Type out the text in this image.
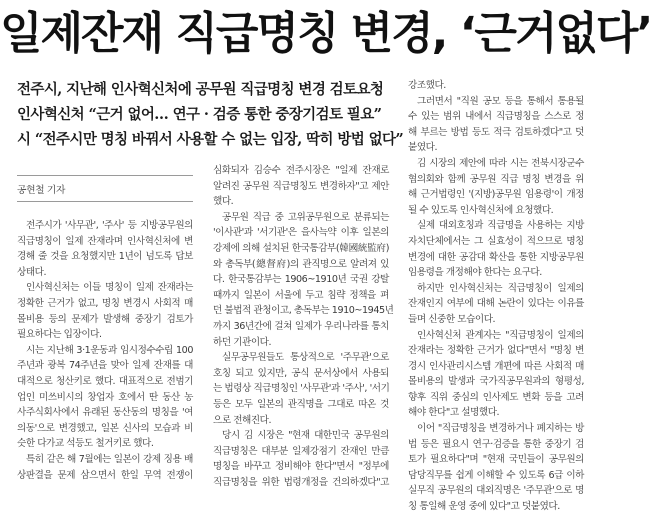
일제잔재 직급명칭 변경, ‘근거없다’
전주시, 지난해 인사혁신처에 공무원 직급명칭 변경 검토요청
인사혁신처 “근거 없어… 연구 · 검증 통한 중장기검토 필요”
시 “전주시만 명칭 바꿔서 사용할 수 없는 입장, 딱히 방법 없다”
공현철 기자
전주시가 '사무관', '주사' 등 지방공무원의
직급명칭이 일제 잔재라며 인사혁신처에 변
경해 줄 것을 요청했지만 1년이 넘도록 답보
상태다.
인사혁신처는 이들 명칭이 일제 잔재라는
정확한 근거가 없고, 명칭 변경시 사회적 매
몰비용 등의 문제가 발생해 중장기 검토가
필요하다는 입장이다.
시는 지난해 3·1운동과 임시정수수립 100
주년과 광복 74주년을 맞아 일제 잔재를 대
대적으로 청산키로 했다. 대표적으로 전범기
업인 미쓰비시의 창업자 호에서 딴 동산 농
사주식회사에서 유래된 동산동의 명칭을 '여
의동'으로 변경했고, 일본 신사의 모습과 비
슷한 다가교 석등도 철거키로 했다.
특히 같은 해 7월에는 일본이 강제 징용 배
상판결을 문제 삼으면서 한일 무역 전쟁이
심화되자 김승수 전주시장은 "일제 잔재로
알려진 공무원 직급명칭도 변경하자"고 제안
했다.
공무원 직급 중 고위공무원으로 분류되는
'이사관'과 '서기관'은 을사늑약 이후 일본의
강제에 의해 설치된 한국통감부(韓國統監府)
와 총독부(總督府)의 관직명으로 알려져 있
다. 한국통감부는 1906~1910년 국권 강탈
때까지 일본이 서울에 두고 침략 정책을 펴
던 불법적 관청이고, 총독부는 1910~1945년
까지 36년간에 걸쳐 일제가 우리나라를 통치
하던 기관이다.
실무공무원들도 통상적으로 '주무관'으로
호칭 되고 있지만, 공식 문서상에서 사용되
는 법령상 직급명칭인 '사무관'과 '주사', '서기
등은 모두 일본의 관직명을 그대로 따온 것
으로 전해진다.
당시 김 시장은 "현재 대한민국 공무원의
직급명칭은 대부분 일제강점기 잔재인 만큼
명칭을 바꾸고 정비해야 한다"면서 "정부에
직급명칭을 위한 법령개정을 건의하겠다"고
강조했다.
그러면서 "직원 공모 등을 통해서 통용될
수 있는 범위 내에서 직급명칭을 스스로 정
해 부르는 방법 등도 적극 검토하겠다"고 덧
붙였다.
김 시장의 제안에 따라 시는 전북시장군수
협의회와 함께 공무원 직급 명칭 변경을 위
해 근거법령인 '(지방)공무원 임용령'이 개정
될 수 있도록 인사혁신처에 요청했다.
실제 대외호칭과 직급명을 사용하는 지방
자치단체에서는 그 실효성이 적으므로 명칭
변경에 대한 공감대 확산을 통한 지방공무원
임용령을 개정해야 한다는 요구다.
하지만 인사혁신처는 직급명칭이 일제의
잔재인지 여부에 대해 논란이 있다는 이유를
들며 신중한 모습이다.
인사혁신처 관계자는 "직급명칭이 일제의
잔재라는 정확한 근거가 없다"면서 "명칭 변
경시 인사관리시스템 개편에 따른 사회적 매
몰비용의 발생과 국가직공무원과의 형평성,
향후 직위 중심의 인사제도 변화 등을 고려
해야 한다"고 설명했다.
이어 "직급명칭을 변경하거나 폐지하는 방
법 등은 필요시 연구·검증을 통한 중장기 검
토가 필요하다"며 "현재 국민들이 공무원의
담당직무를 쉽게 이해할 수 있도록 6급 이하
실무직 공무원의 대외직명은 '주무관'으로 명
칭 통일해 운영 중에 있다"고 덧붙였다.
